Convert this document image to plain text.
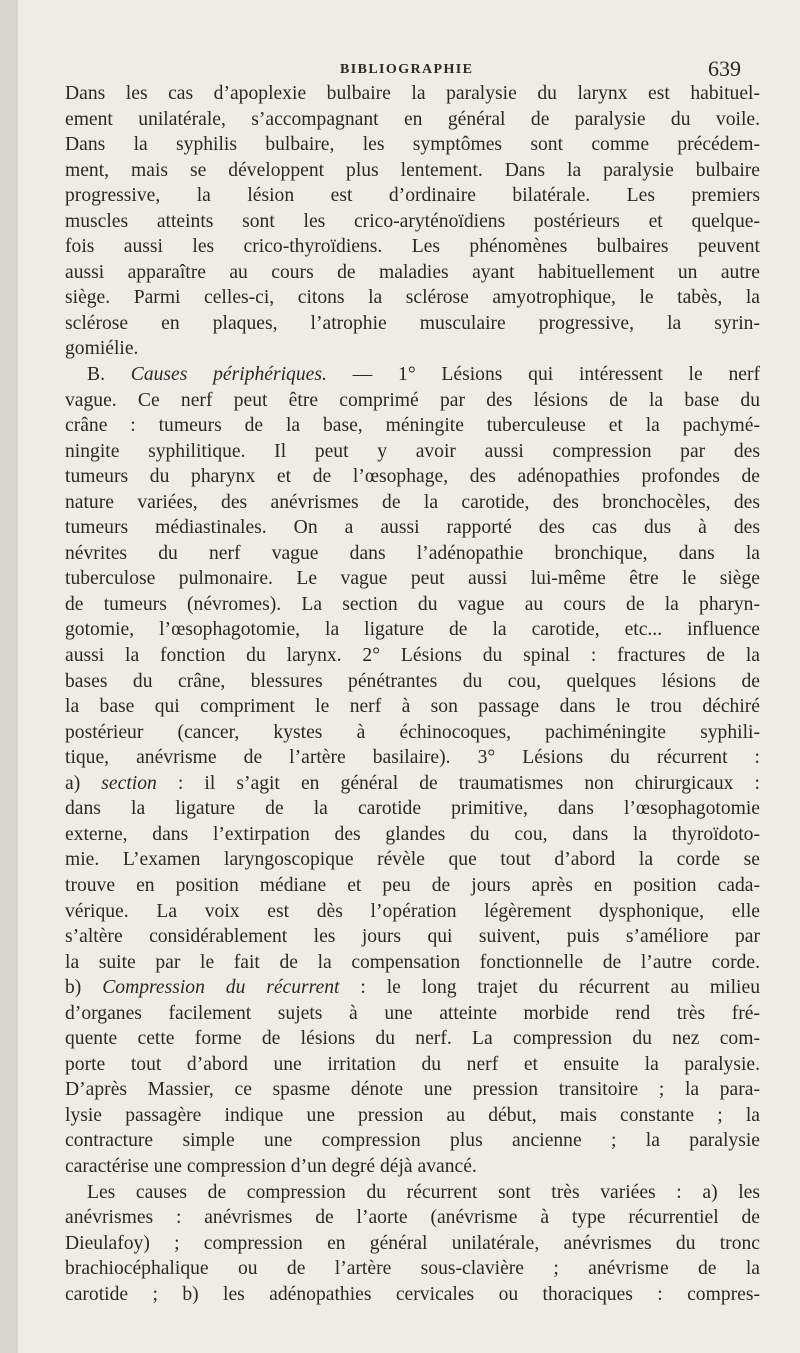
BIBLIOGRAPHIE	639
Dans les cas d’apoplexie bulbaire la paralysie du larynx est habituel-
ement unilatérale, s’accompagnant en général de paralysie du voile.
Dans la syphilis bulbaire, les symptômes sont comme précédem-
ment, mais se développent plus lentement. Dans la paralysie bulbaire
progressive, la lésion est d’ordinaire bilatérale. Les premiers
muscles atteints sont les crico-aryténoïdiens postérieurs et quelque-
fois aussi les crico-thyroïdiens. Les phénomènes bulbaires peuvent
aussi apparaître au cours de maladies ayant habituellement un autre
siège. Parmi celles-ci, citons la sclérose amyotrophique, le tabès, la
sclérose en plaques, l’atrophie musculaire progressive, la syrin-
gomiélie.
B. Causes périphériques. — 1° Lésions qui intéressent le nerf
vague. Ce nerf peut être comprimé par des lésions de la base du
crâne : tumeurs de la base, méningite tuberculeuse et la pachymé-
ningite syphilitique. Il peut y avoir aussi compression par des
tumeurs du pharynx et de l’œsophage, des adénopathies profondes de
nature variées, des anévrismes de la carotide, des bronchocèles, des
tumeurs médiastinales. On a aussi rapporté des cas dus à des
névrites du nerf vague dans l’adénopathie bronchique, dans la
tuberculose pulmonaire. Le vague peut aussi lui-même être le siège
de tumeurs (névromes). La section du vague au cours de la pharyn-
gotomie, l’œsophagotomie, la ligature de la carotide, etc... influence
aussi la fonction du larynx. 2° Lésions du spinal : fractures de la
bases du crâne, blessures pénétrantes du cou, quelques lésions de
la base qui compriment le nerf à son passage dans le trou déchiré
postérieur (cancer, kystes à échinocoques, pachiméningite syphili-
tique, anévrisme de l’artère basilaire). 3° Lésions du récurrent :
a) section : il s’agit en général de traumatismes non chirurgicaux :
dans la ligature de la carotide primitive, dans l’œsophagotomie
externe, dans l’extirpation des glandes du cou, dans la thyroïdoto-
mie. L’examen laryngoscopique révèle que tout d’abord la corde se
trouve en position médiane et peu de jours après en position cada-
vérique. La voix est dès l’opération légèrement dysphonique, elle
s’altère considérablement les jours qui suivent, puis s’améliore par
la suite par le fait de la compensation fonctionnelle de l’autre corde.
b) Compression du récurrent : le long trajet du récurrent au milieu
d’organes facilement sujets à une atteinte morbide rend très fré-
quente cette forme de lésions du nerf. La compression du nez com-
porte tout d’abord une irritation du nerf et ensuite la paralysie.
D’après Massier, ce spasme dénote une pression transitoire ; la para-
lysie passagère indique une pression au début, mais constante ; la
contracture simple une compression plus ancienne ; la paralysie
caractérise une compression d’un degré déjà avancé.
Les causes de compression du récurrent sont très variées : a) les
anévrismes : anévrismes de l’aorte (anévrisme à type récurrentiel de
Dieulafoy) ; compression en général unilatérale, anévrismes du tronc
brachiocéphalique ou de l’artère sous-clavière ; anévrisme de la
carotide ; b) les adénopathies cervicales ou thoraciques : compres-
